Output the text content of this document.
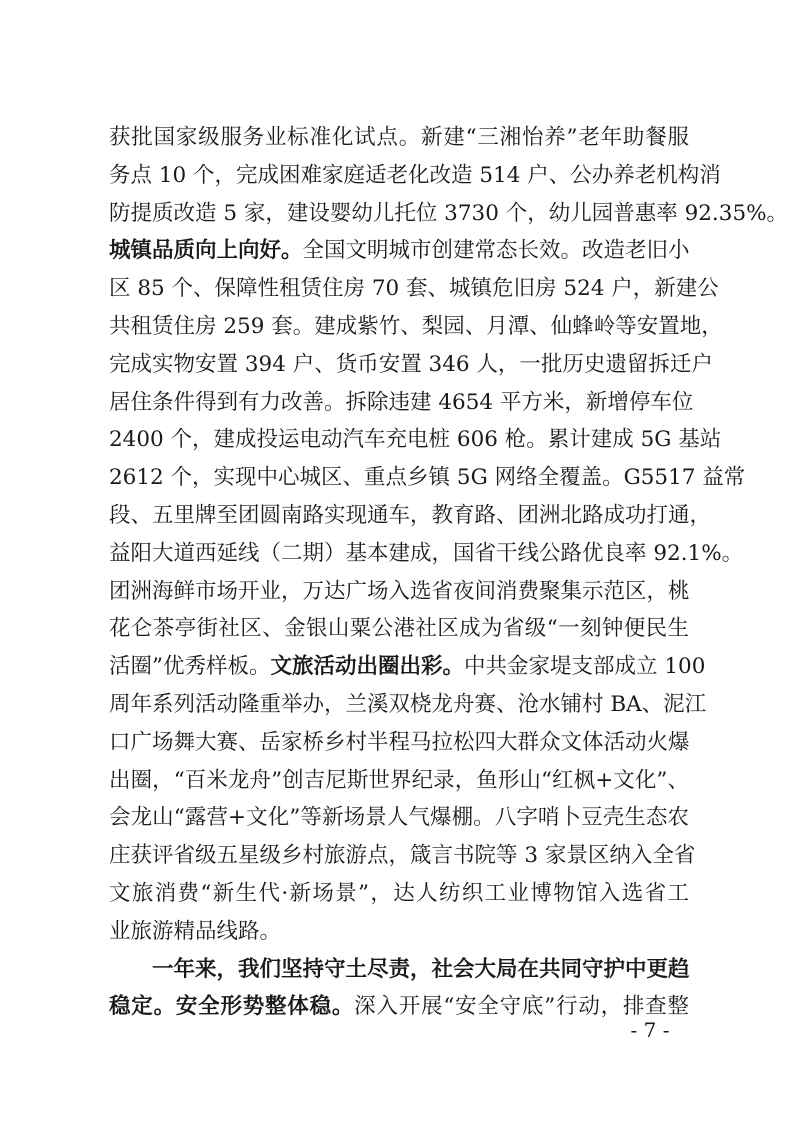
获批国家级服务业标准化试点。新建“三湘怡养”老年助餐服
务点 10 个，完成困难家庭适老化改造 514 户、公办养老机构消
防提质改造 5 家，建设婴幼儿托位 3730 个，幼儿园普惠率 92.35%。
城镇品质向上向好。全国文明城市创建常态长效。改造老旧小
区 85 个、保障性租赁住房 70 套、城镇危旧房 524 户，新建公
共租赁住房 259 套。建成紫竹、梨园、月潭、仙蜂岭等安置地，
完成实物安置 394 户、货币安置 346 人，一批历史遗留拆迁户
居住条件得到有力改善。拆除违建 4654 平方米，新增停车位
2400 个，建成投运电动汽车充电桩 606 枪。累计建成 5G 基站
2612 个，实现中心城区、重点乡镇 5G 网络全覆盖。G5517 益常
段、五里牌至团圆南路实现通车，教育路、团洲北路成功打通，
益阳大道西延线（二期）基本建成，国省干线公路优良率 92.1%。
团洲海鲜市场开业，万达广场入选省夜间消费聚集示范区，桃
花仑茶亭街社区、金银山粟公港社区成为省级“一刻钟便民生
活圈”优秀样板。文旅活动出圈出彩。中共金家堤支部成立 100
周年系列活动隆重举办，兰溪双桡龙舟赛、沧水铺村 BA、泥江
口广场舞大赛、岳家桥乡村半程马拉松四大群众文体活动火爆
出圈，“百米龙舟”创吉尼斯世界纪录，鱼形山“红枫+文化”、
会龙山“露营+文化”等新场景人气爆棚。八字哨卜豆壳生态农
庄获评省级五星级乡村旅游点，箴言书院等 3 家景区纳入全省
文旅消费“新生代·新场景”，达人纺织工业博物馆入选省工
业旅游精品线路。
　　一年来，我们坚持守土尽责，社会大局在共同守护中更趋
稳定。安全形势整体稳。深入开展“安全守底”行动，排查整
- 7 -
